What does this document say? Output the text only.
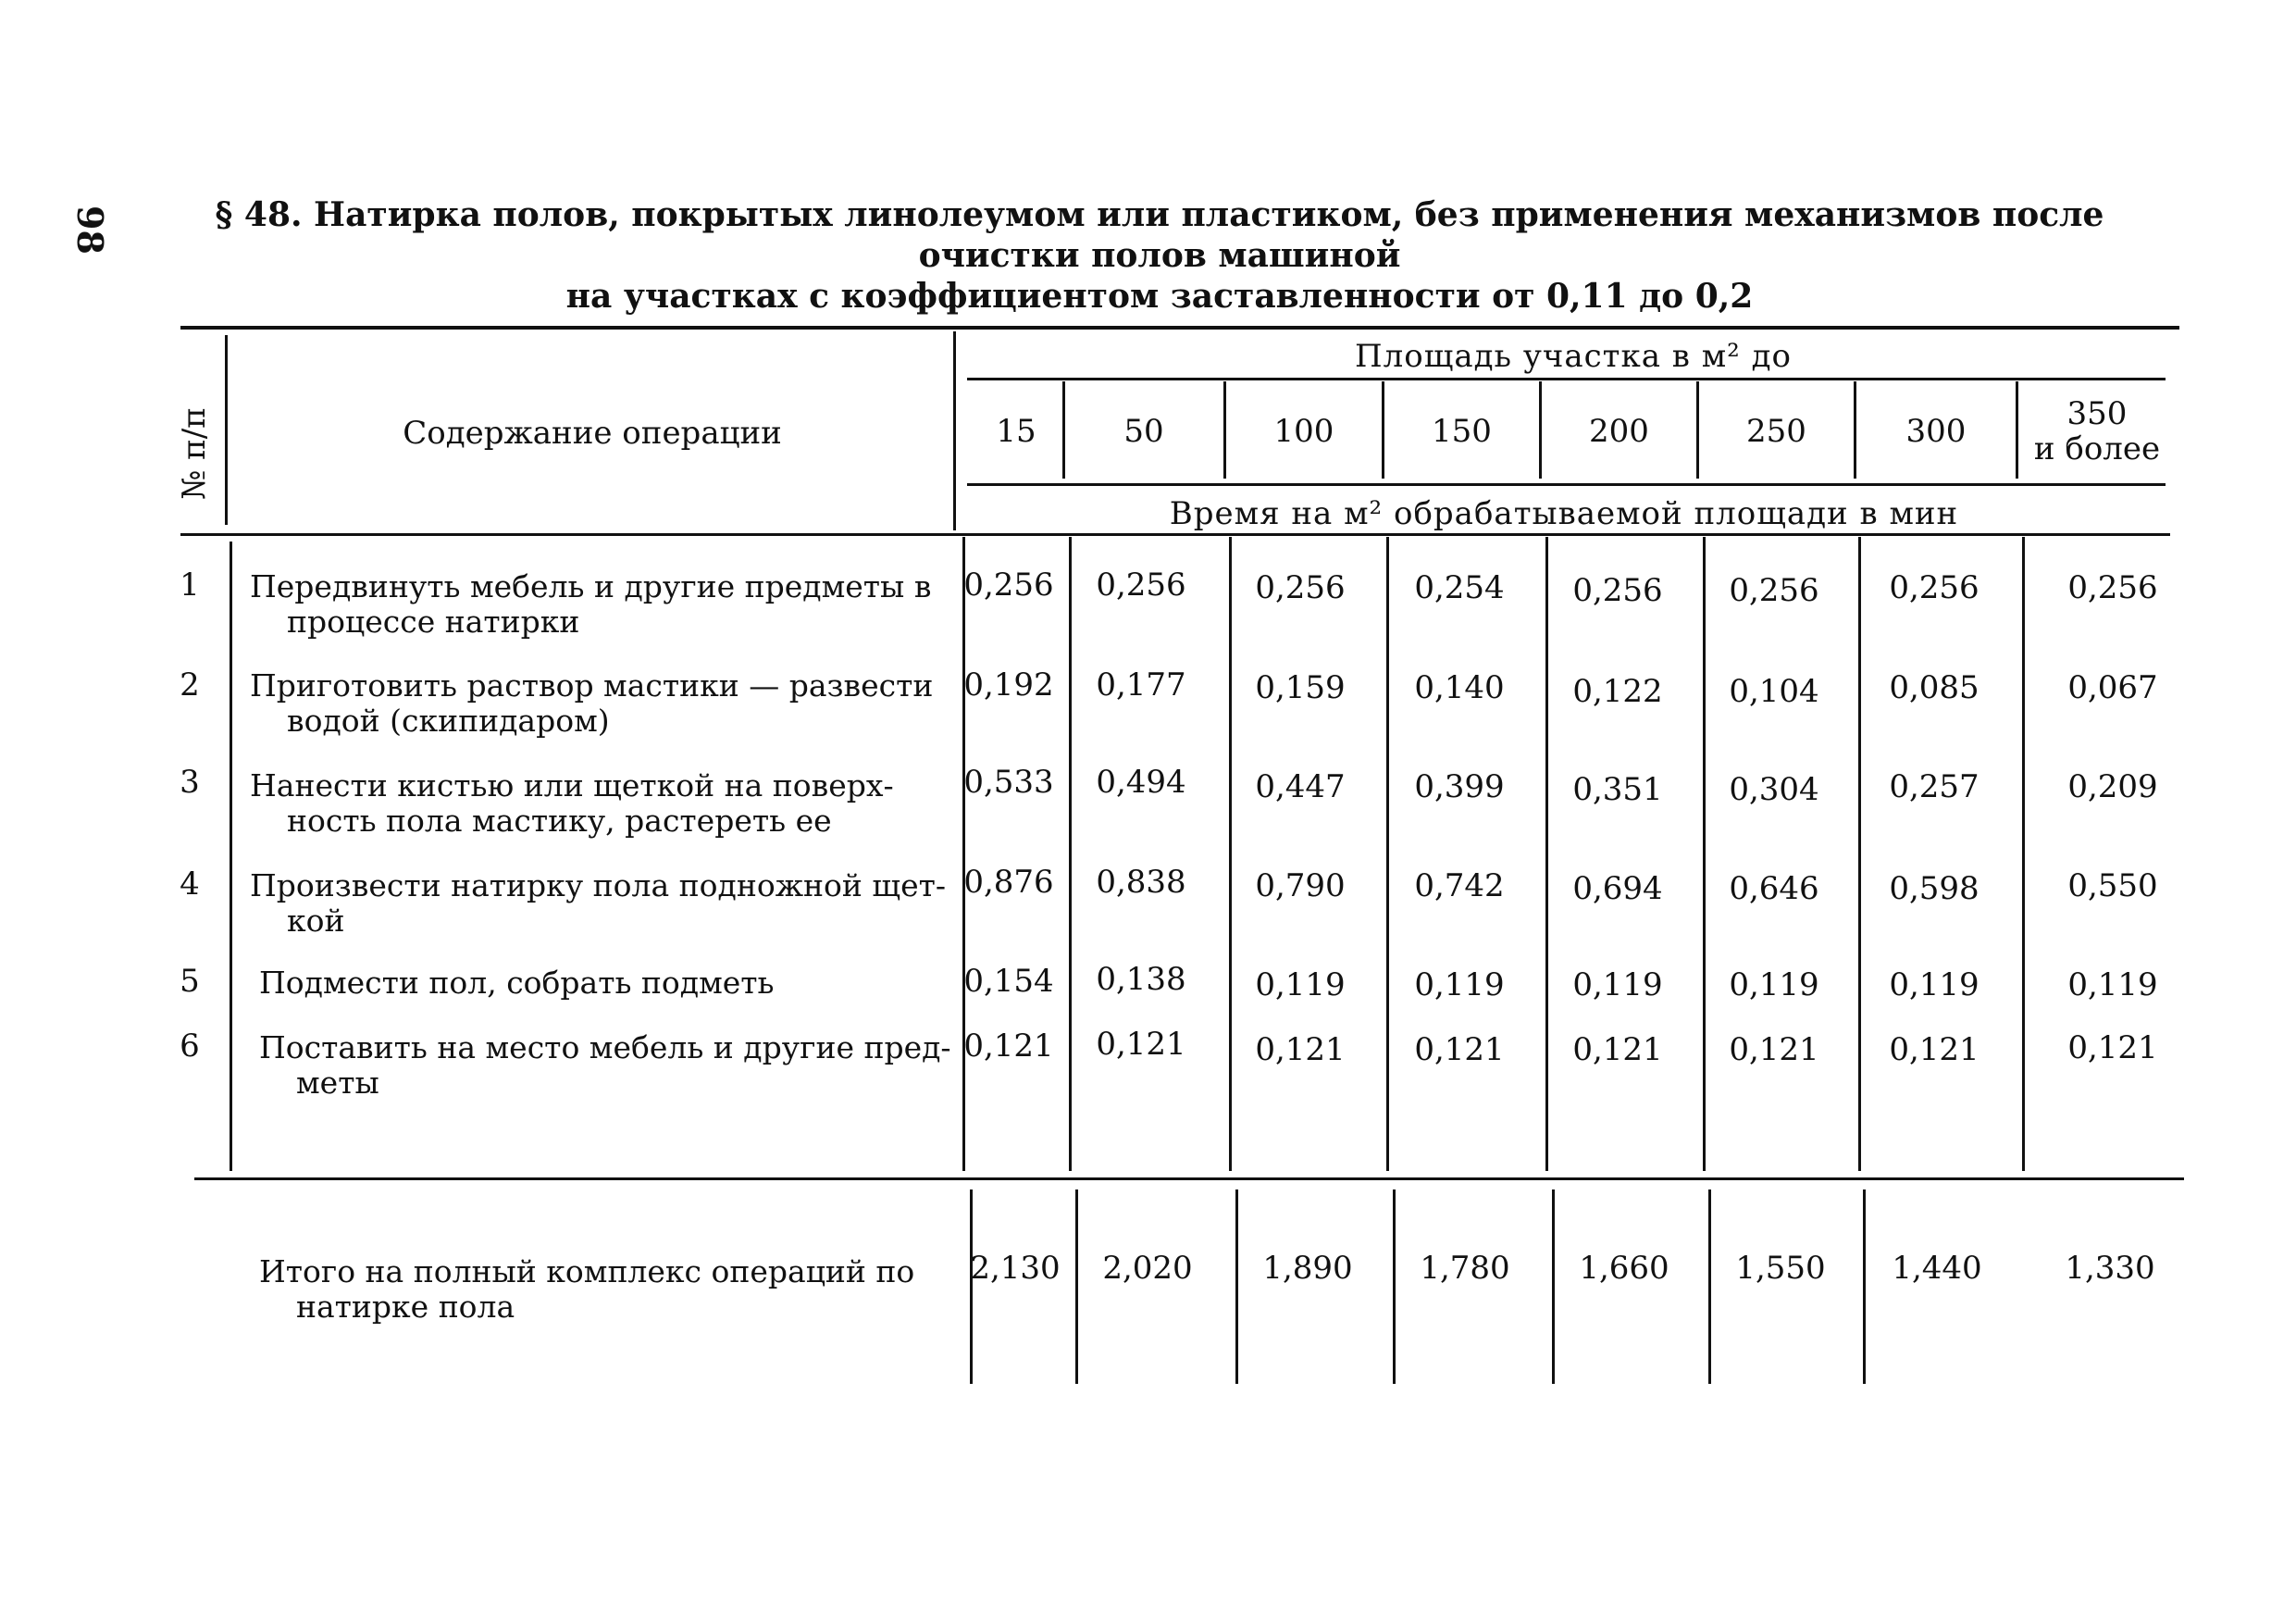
98	§ 48. Натирка полов, покрытых линолеумом или пластиком, без применения механизмов после очистки полов машиной
на участках с коэффициентом заставленности от 0,11 до 0,2
№ п/п	Содержание операции
Площадь участка в м² до
Время на м² обрабатываемой площади в мин
15	50	100	150	200	250	300	350
и более
1 Передвинуть мебель и другие предметы в
процессе натирки
0,256	0,256	0,256	0,254	0,256	0,256	0,256	0,256
2 Приготовить раствор мастики — развести
водой (скипидаром)
0,192	0,177	0,159	0,140	0,122	0,104	0,085	0,067
3 Нанести кистью или щеткой на поверх-
ность пола мастику, растереть ее
0,533	0,494	0,447	0,399	0,351	0,304	0,257	0,209
4 Произвести натирку пола подножной щет-
кой
0,876	0,838	0,790	0,742	0,694	0,646	0,598	0,550
5 Подмести пол, собрать подметь	0,154	0,138	0,119	0,119	0,119	0,119	0,119	0,119
6 Поставить на место мебель и другие пред-
меты
0,121	0,121	0,121	0,121	0,121	0,121	0,121	0,121
Итого на полный комплекс операций по
натирке пола
2,130	2,020	1,890	1,780	1,660	1,550	1,440	1,330
